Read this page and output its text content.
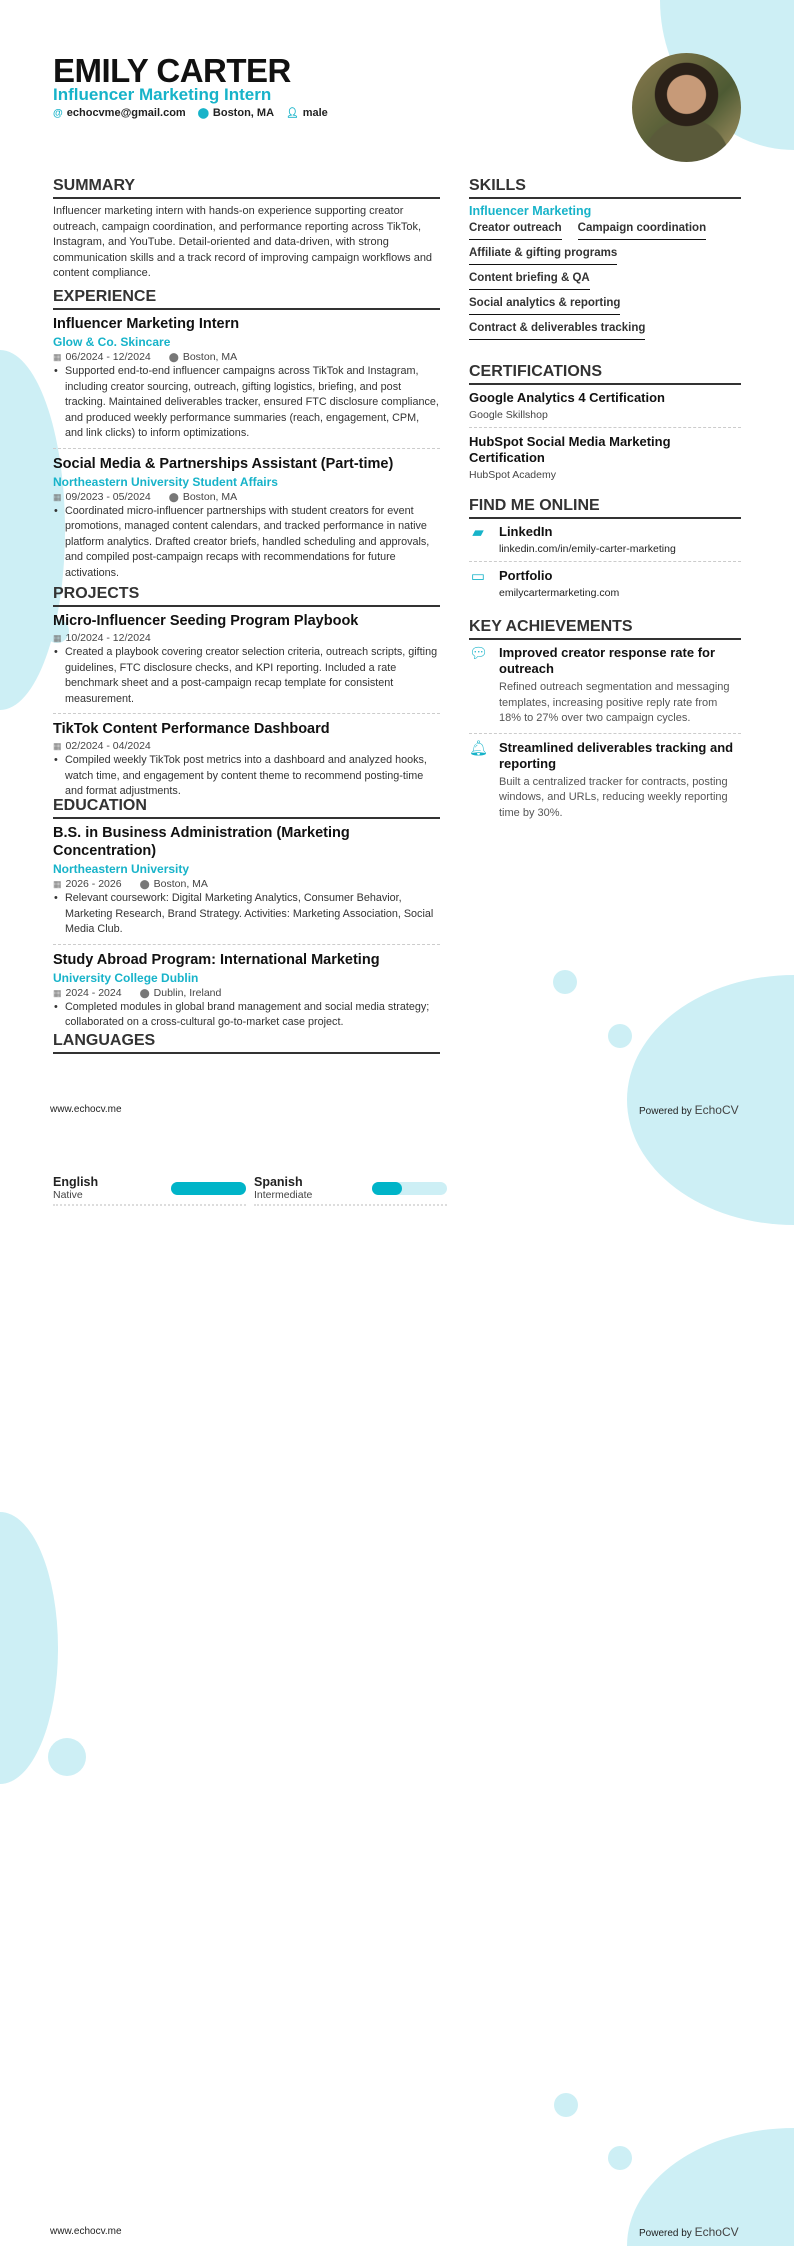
EMILY CARTER
Influencer Marketing Intern
@ echocvme@gmail.com ⬤ Boston, MA 👤︎ male
SUMMARY
Influencer marketing intern with hands-on experience supporting creator outreach, campaign coordination, and performance reporting across TikTok, Instagram, and YouTube. Detail-oriented and data-driven, with strong communication skills and a track record of improving campaign workflows and content compliance.
EXPERIENCE
Influencer Marketing Intern
Glow & Co. Skincare
▦ 06/2024 - 12/2024 ⬤ Boston, MA
• Supported end-to-end influencer campaigns across TikTok and Instagram, including creator sourcing, outreach, gifting logistics, briefing, and post tracking. Maintained deliverables tracker, ensured FTC disclosure compliance, and produced weekly performance summaries (reach, engagement, CPM, and link clicks) to inform optimizations.
Social Media & Partnerships Assistant (Part-time)
Northeastern University Student Affairs
▦ 09/2023 - 05/2024 ⬤ Boston, MA
• Coordinated micro-influencer partnerships with student creators for event promotions, managed content calendars, and tracked performance in native platform analytics. Drafted creator briefs, handled scheduling and approvals, and compiled post-campaign recaps with recommendations for future activations.
PROJECTS
Micro-Influencer Seeding Program Playbook
▦ 10/2024 - 12/2024
• Created a playbook covering creator selection criteria, outreach scripts, gifting guidelines, FTC disclosure checks, and KPI reporting. Included a rate benchmark sheet and a post-campaign recap template for consistent measurement.
TikTok Content Performance Dashboard
▦ 02/2024 - 04/2024
• Compiled weekly TikTok post metrics into a dashboard and analyzed hooks, watch time, and engagement by content theme to recommend posting-time and format adjustments.
EDUCATION
B.S. in Business Administration (Marketing Concentration)
Northeastern University
▦ 2026 - 2026 ⬤ Boston, MA
• Relevant coursework: Digital Marketing Analytics, Consumer Behavior, Marketing Research, Brand Strategy. Activities: Marketing Association, Social Media Club.
Study Abroad Program: International Marketing
University College Dublin
▦ 2024 - 2024 ⬤ Dublin, Ireland
• Completed modules in global brand management and social media strategy; collaborated on a cross-cultural go-to-market case project.
LANGUAGES
English
Native
Spanish
Intermediate
SKILLS
Influencer Marketing
Creator outreach Campaign coordination
Affiliate & gifting programs
Content briefing & QA
Social analytics & reporting
Contract & deliverables tracking
CERTIFICATIONS
Google Analytics 4 Certification
Google Skillshop
HubSpot Social Media Marketing Certification
HubSpot Academy
FIND ME ONLINE
▰ LinkedIn
linkedin.com/in/emily-carter-marketing
▭ Portfolio
emilycartermarketing.com
KEY ACHIEVEMENTS
💬︎ Improved creator response rate for outreach
Refined outreach segmentation and messaging templates, increasing positive reply rate from 18% to 27% over two campaign cycles.
🔔︎ Streamlined deliverables tracking and reporting
Built a centralized tracker for contracts, posting windows, and URLs, reducing weekly reporting time by 30%.
www.echocv.me	Powered by EchoCV
www.echocv.me	Powered by EchoCV
